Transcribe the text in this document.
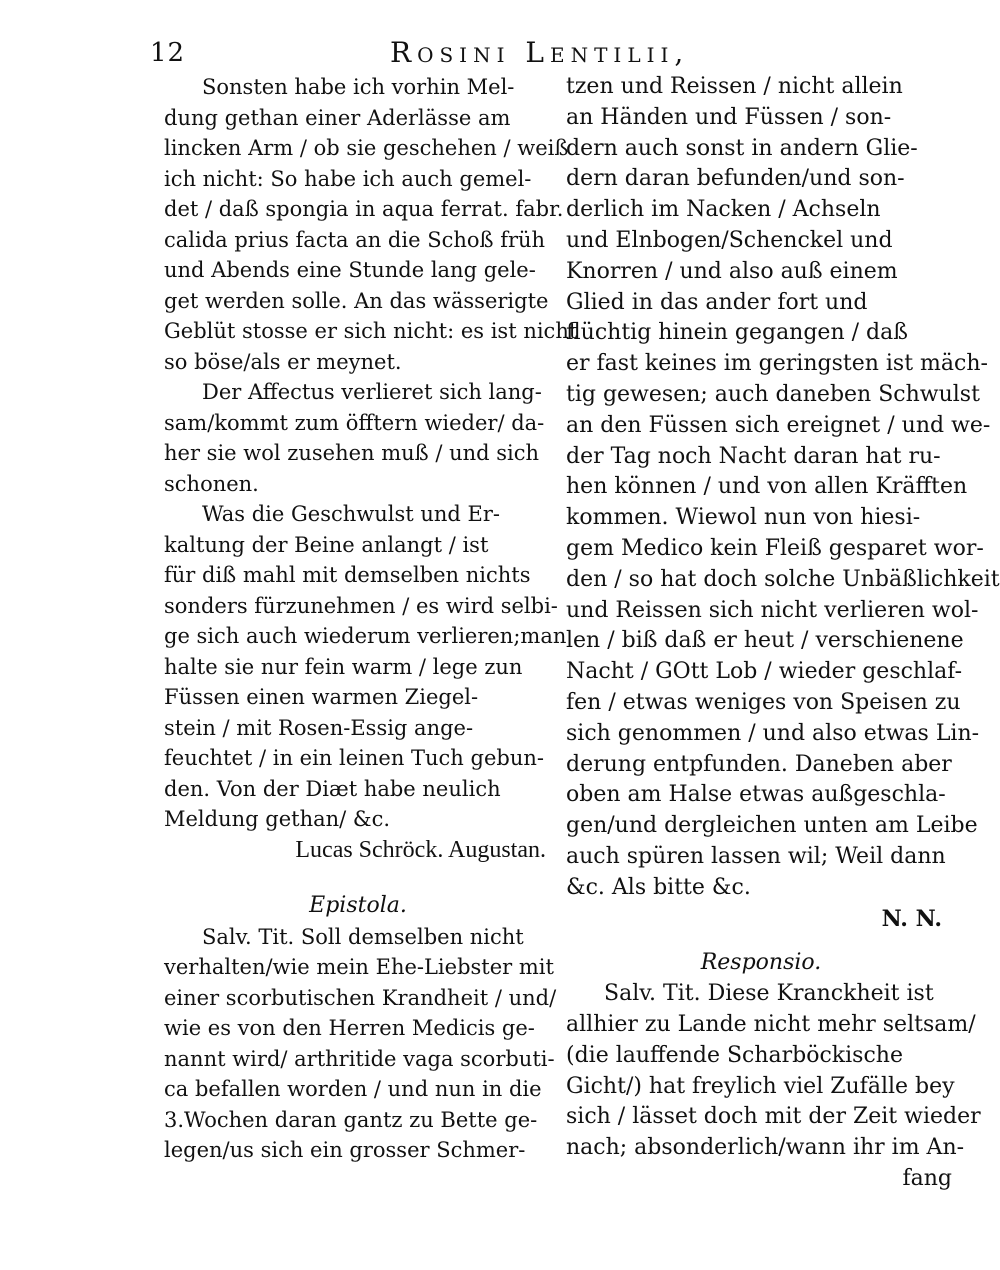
12	Rosini Lentilii,
Sonsten habe ich vorhin Mel-
dung gethan einer Aderlässe am
lincken Arm / ob sie geschehen / weiß
ich nicht: So habe ich auch gemel-
det / daß spongia in aqua ferrat. fabr.
calida prius facta an die Schoß früh
und Abends eine Stunde lang gele-
get werden solle. An das wässerigte
Geblüt stosse er sich nicht: es ist nicht
so böse/als er meynet.
Der Affectus verlieret sich lang-
sam/kommt zum öfftern wieder/ da-
her sie wol zusehen muß / und sich
schonen.
Was die Geschwulst und Er-
kaltung der Beine anlangt / ist
für diß mahl mit demselben nichts
sonders fürzunehmen / es wird selbi-
ge sich auch wiederum verlieren;man
halte sie nur fein warm / lege zun
Füssen einen warmen Ziegel-
stein / mit Rosen-Essig ange-
feuchtet / in ein leinen Tuch gebun-
den. Von der Diæt habe neulich
Meldung gethan/ &c.
Lucas Schröck. Augustan.
Epistola.
Salv. Tit. Soll demselben nicht
verhalten/wie mein Ehe-Liebster mit
einer scorbutischen Krandheit / und/
wie es von den Herren Medicis ge-
nannt wird/ arthritide vaga scorbuti-
ca befallen worden / und nun in die
3.Wochen daran gantz zu Bette ge-
legen/us sich ein grosser Schmer-
tzen und Reissen / nicht allein
an Händen und Füssen / son-
dern auch sonst in andern Glie-
dern daran befunden/und son-
derlich im Nacken / Achseln
und Elnbogen/Schenckel und
Knorren / und also auß einem
Glied in das ander fort und
flüchtig hinein gegangen / daß
er fast keines im geringsten ist mäch-
tig gewesen; auch daneben Schwulst
an den Füssen sich ereignet / und we-
der Tag noch Nacht daran hat ru-
hen können / und von allen Kräfften
kommen. Wiewol nun von hiesi-
gem Medico kein Fleiß gesparet wor-
den / so hat doch solche Unbäßlichkeit
und Reissen sich nicht verlieren wol-
len / biß daß er heut / verschienene
Nacht / GOtt Lob / wieder geschlaf-
fen / etwas weniges von Speisen zu
sich genommen / und also etwas Lin-
derung entpfunden. Daneben aber
oben am Halse etwas außgeschla-
gen/und dergleichen unten am Leibe
auch spüren lassen wil; Weil dann
&c. Als bitte &c.
N. N.
Responsio.
Salv. Tit. Diese Kranckheit ist
allhier zu Lande nicht mehr seltsam/
(die lauffende Scharböckische
Gicht/) hat freylich viel Zufälle bey
sich / lässet doch mit der Zeit wieder
nach; absonderlich/wann ihr im An-
fang
